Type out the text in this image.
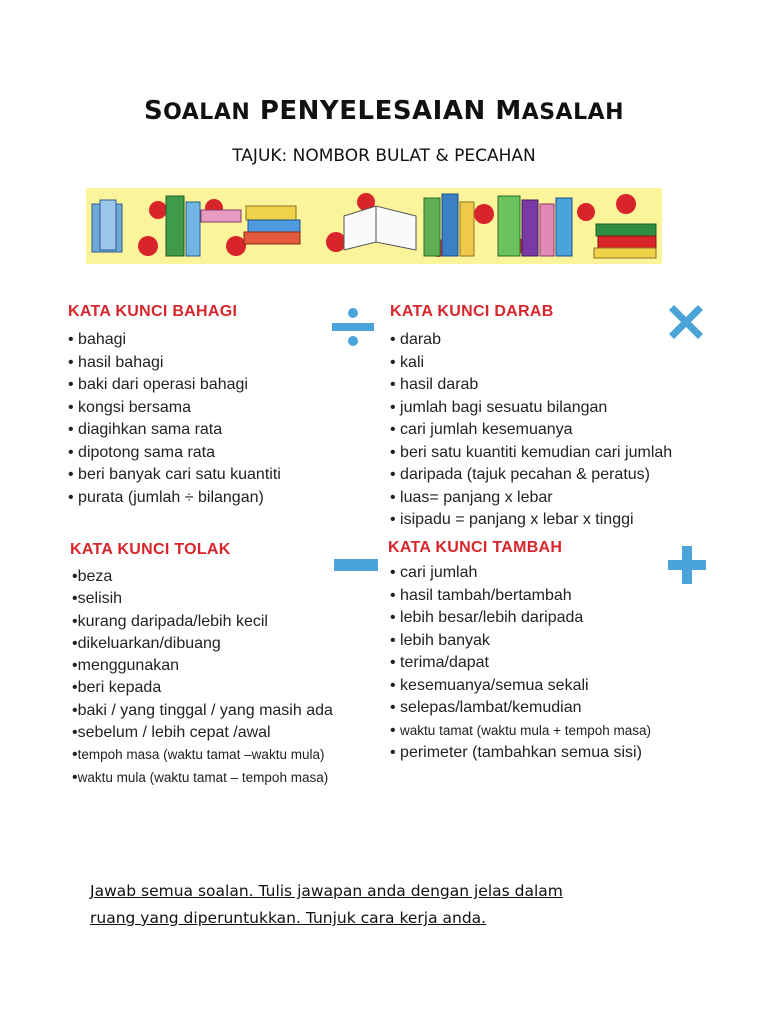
SOALAN PENYELESAIAN MASALAH

TAJUK: NOMBOR BULAT & PECAHAN

KATA KUNCI BAHAGI
• bahagi
• hasil bahagi
• baki dari operasi bahagi
• kongsi bersama
• diagihkan sama rata
• dipotong sama rata
• beri banyak cari satu kuantiti
• purata (jumlah ÷ bilangan)
KATA KUNCI DARAB
• darab
• kali
• hasil darab
• jumlah bagi sesuatu bilangan
• cari jumlah kesemuanya
• beri satu kuantiti kemudian cari jumlah
• daripada (tajuk pecahan & peratus)
• luas= panjang x lebar
• isipadu = panjang x lebar x tinggi
KATA KUNCI TOLAK
•beza
•selisih
•kurang daripada/lebih kecil
•dikeluarkan/dibuang
•menggunakan
•beri kepada
•baki / yang tinggal / yang masih ada
•sebelum / lebih cepat /awal
•tempoh masa (waktu tamat –waktu mula)
•waktu mula (waktu tamat – tempoh masa)
KATA KUNCI TAMBAH
• cari jumlah
• hasil tambah/bertambah
• lebih besar/lebih daripada
• lebih banyak
• terima/dapat
• kesemuanya/semua sekali
• selepas/lambat/kemudian
• waktu tamat (waktu mula + tempoh masa)
• perimeter (tambahkan semua sisi)

Jawab semua soalan. Tulis jawapan anda dengan jelas dalam
ruang yang diperuntukkan. Tunjuk cara kerja anda.
